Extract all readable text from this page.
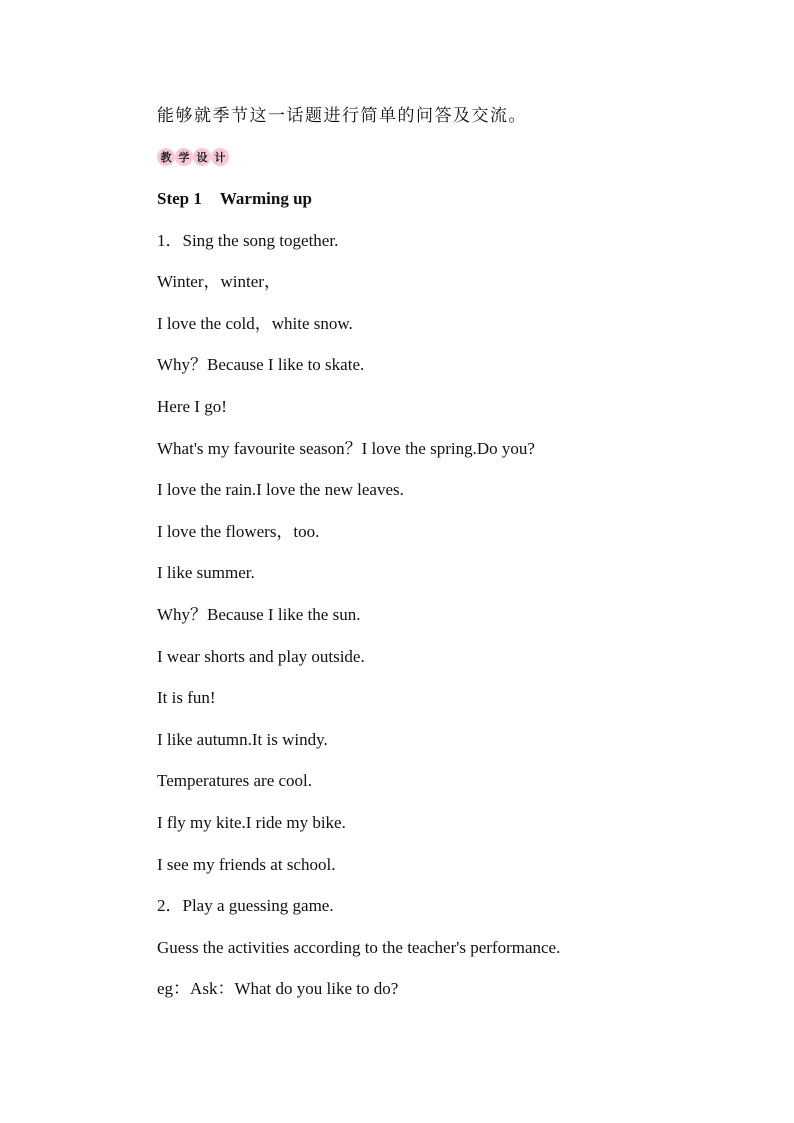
能够就季节这一话题进行简单的问答及交流。
教 学 设 计
Step 1 Warming up
1．Sing the song together.
Winter，winter，
I love the cold，white snow.
Why？Because I like to skate.
Here I go!
What's my favourite season？I love the spring.Do you?
I love the rain.I love the new leaves.
I love the flowers，too.
I like summer.
Why？Because I like the sun.
I wear shorts and play outside.
It is fun!
I like autumn.It is windy.
Temperatures are cool.
I fly my kite.I ride my bike.
I see my friends at school.
2．Play a guessing game.
Guess the activities according to the teacher's performance.
eg：Ask：What do you like to do?
